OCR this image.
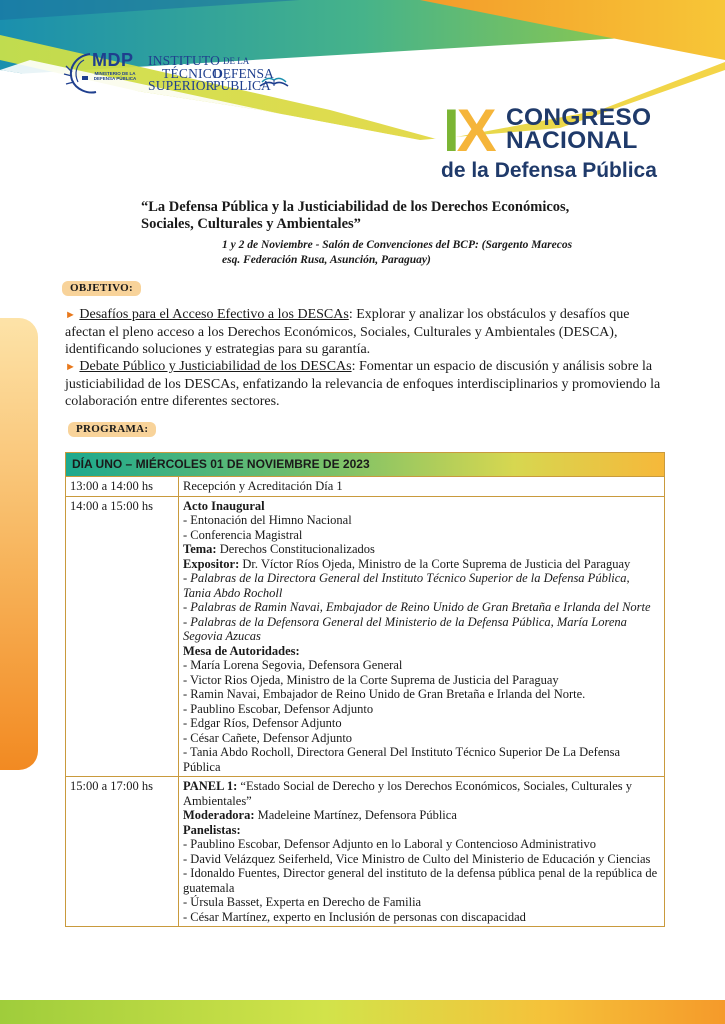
MDP
MINISTERIO DE LA DEFENSA PÚBLICA
INSTITUTO
TÉCNICO
SUPERIOR
DE LA
DEFENSA
PÚBLICA
IX CONGRESO
NACIONAL
de la Defensa Pública
“La Defensa Pública y la Justiciabilidad de los Derechos Económicos, Sociales, Culturales y Ambientales”
1 y 2 de Noviembre - Salón de Convenciones del BCP: (Sargento Marecos esq. Federación Rusa, Asunción, Paraguay)
OBJETIVO:

► Desafíos para el Acceso Efectivo a los DESCAs: Explorar y analizar los obstáculos y desafíos que afectan el pleno acceso a los Derechos Económicos, Sociales, Culturales y Ambientales (DESCA), identificando soluciones y estrategias para su garantía.

► Debate Público y Justiciabilidad de los DESCAs: Fomentar un espacio de discusión y análisis sobre la justiciabilidad de los DESCAs, enfatizando la relevancia de enfoques interdisciplinarios y promoviendo la colaboración entre diferentes sectores.

PROGRAMA:
DÍA UNO – MIÉRCOLES 01 DE NOVIEMBRE DE 2023
13:00 a 14:00 hs	Recepción y Acreditación Día 1
14:00 a 15:00 hs	Acto Inaugural
- Entonación del Himno Nacional
- Conferencia Magistral
Tema: Derechos Constitucionalizados
Expositor: Dr. Víctor Ríos Ojeda, Ministro de la Corte Suprema de Justicia del Paraguay
- Palabras de la Directora General del Instituto Técnico Superior de la Defensa Pública, Tania Abdo Rocholl
- Palabras de Ramin Navai, Embajador de Reino Unido de Gran Bretaña e Irlanda del Norte
- Palabras de la Defensora General del Ministerio de la Defensa Pública, María Lorena Segovia Azucas
Mesa de Autoridades:
- María Lorena Segovia, Defensora General
- Victor Rios Ojeda, Ministro de la Corte Suprema de Justicia del Paraguay
- Ramin Navai, Embajador de Reino Unido de Gran Bretaña e Irlanda del Norte.
- Paublino Escobar, Defensor Adjunto
- Edgar Ríos, Defensor Adjunto
- César Cañete, Defensor Adjunto
- Tania Abdo Rocholl, Directora General Del Instituto Técnico Superior De La Defensa Pública
15:00 a 17:00 hs	PANEL 1: “Estado Social de Derecho y los Derechos Económicos, Sociales, Culturales y Ambientales”
Moderadora: Madeleine Martínez, Defensora Pública
Panelistas:
- Paublino Escobar, Defensor Adjunto en lo Laboral y Contencioso Administrativo
- David Velázquez Seiferheld, Vice Ministro de Culto del Ministerio de Educación y Ciencias
- Idonaldo Fuentes, Director general del instituto de la defensa pública penal de la república de guatemala
- Úrsula Basset, Experta en Derecho de Familia
- César Martínez, experto en Inclusión de personas con discapacidad
